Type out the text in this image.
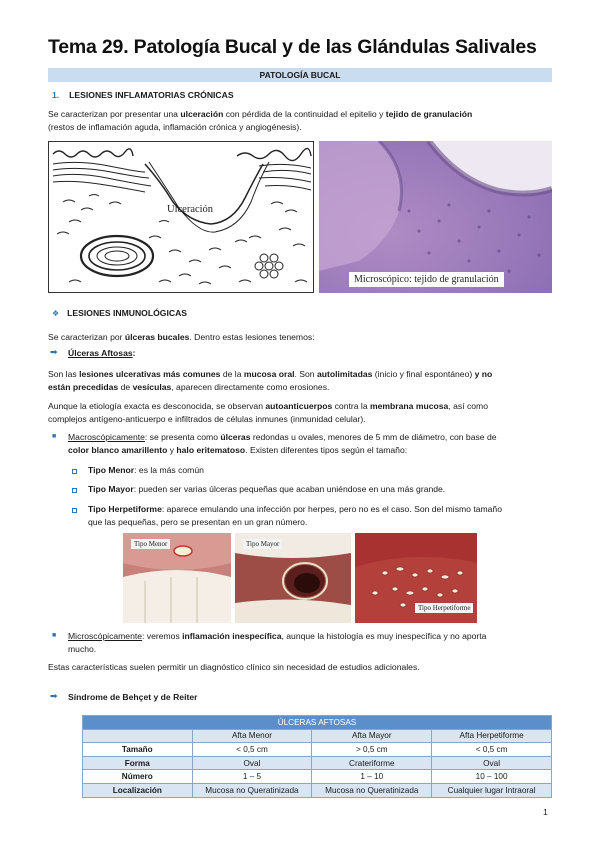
Tema 29. Patología Bucal y de las Glándulas Salivales
PATOLOGÍA BUCAL
1. LESIONES INFLAMATORIAS CRÓNICAS
Se caracterizan por presentar una ulceración con pérdida de la continuidad el epitelio y tejido de granulación
(restos de inflamación aguda, inflamación crónica y angiogénesis).
Ulceración
Microscópico: tejido de granulación
❖ LESIONES INMUNOLÓGICAS
Se caracterizan por úlceras bucales. Dentro estas lesiones tenemos:
➡ Úlceras Aftosas:
Son las lesiones ulcerativas más comunes de la mucosa oral. Son autolimitadas (inicio y final espontáneo) y no
están precedidas de vesículas, aparecen directamente como erosiones.
Aunque la etiología exacta es desconocida, se observan autoanticuerpos contra la membrana mucosa, así como
complejos antígeno-anticuerpo e infiltrados de células inmunes (inmunidad celular).
■ Macroscópicamente: se presenta como úlceras redondas u ovales, menores de 5 mm de diámetro, con base de
color blanco amarillento y halo eritematoso. Existen diferentes tipos según el tamaño:
Tipo Menor: es la más común
Tipo Mayor: pueden ser varias úlceras pequeñas que acaban uniéndose en una más grande.
Tipo Herpetiforme: aparece emulando una infección por herpes, pero no es el caso. Son del mismo tamaño
que las pequeñas, pero se presentan en un gran número.
Tipo Menor	Tipo Mayor
Tipo Herpetiforme
■ Microscópicamente: veremos inflamación inespecífica, aunque la histología es muy inespecífica y no aporta
mucho.
Estas características suelen permitir un diagnóstico clínico sin necesidad de estudios adicionales.
➡ Síndrome de Behçet y de Reiter
ÚLCERAS AFTOSAS			
	Afta Menor	Afta Mayor	Afta Herpetiforme
Tamaño	< 0,5 cm	> 0,5 cm	< 0,5 cm
Forma	Oval	Crateriforme	Oval
Número	1 – 5	1 – 10	10 – 100
Localización	Mucosa no Queratinizada	Mucosa no Queratinizada	Cualquier lugar Intraoral
1
